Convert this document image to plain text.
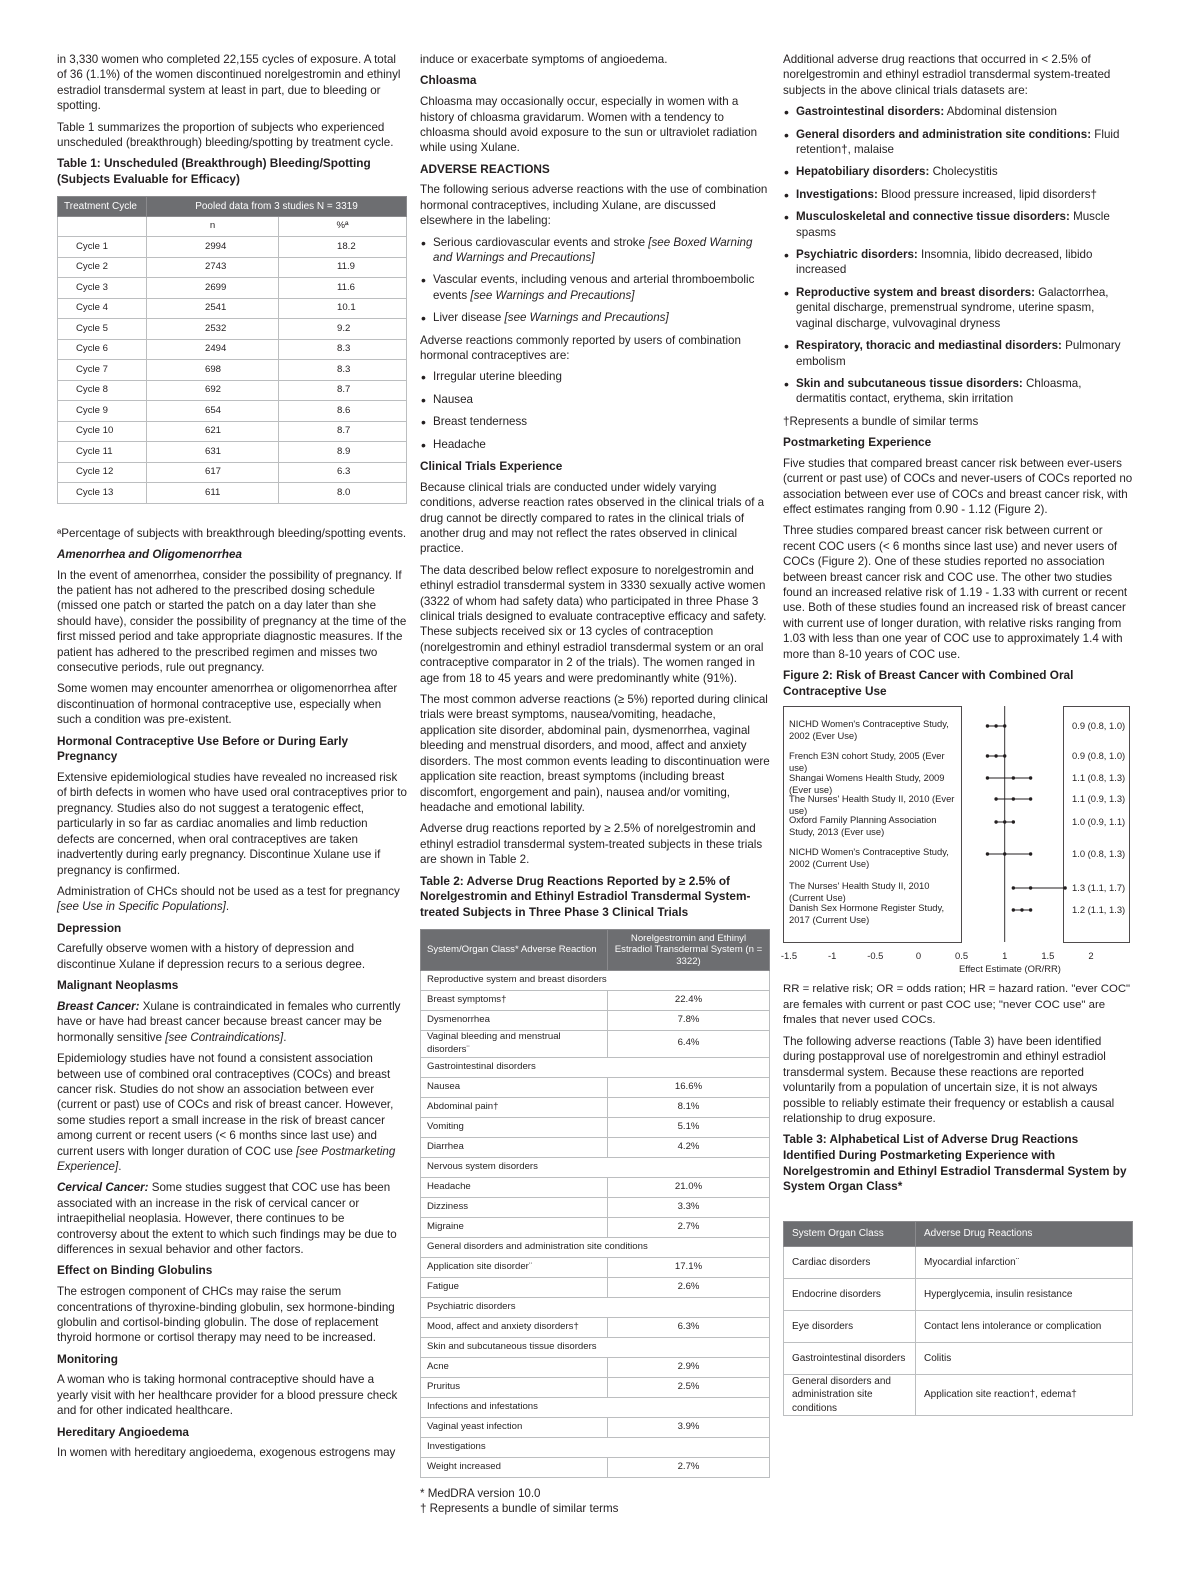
in 3,330 women who completed 22,155 cycles of exposure. A total of 36 (1.1%) of the women discontinued norelgestromin and ethinyl estradiol transdermal system at least in part, due to bleeding or spotting.

Table 1 summarizes the proportion of subjects who experienced unscheduled (breakthrough) bleeding/spotting by treatment cycle.

Table 1: Unscheduled (Breakthrough) Bleeding/Spotting (Subjects Evaluable for Efficacy)
Treatment Cycle	Pooled data from 3 studies N = 3319	
	n	%ª
Cycle 1	2994	18.2
Cycle 2	2743	11.9
Cycle 3	2699	11.6
Cycle 4	2541	10.1
Cycle 5	2532	9.2
Cycle 6	2494	8.3
Cycle 7	698	8.3
Cycle 8	692	8.7
Cycle 9	654	8.6
Cycle 10	621	8.7
Cycle 11	631	8.9
Cycle 12	617	6.3
Cycle 13	611	8.0

ªPercentage of subjects with breakthrough bleeding/spotting events.

Amenorrhea and Oligomenorrhea

In the event of amenorrhea, consider the possibility of pregnancy. If the patient has not adhered to the prescribed dosing schedule (missed one patch or started the patch on a day later than she should have), consider the possibility of pregnancy at the time of the first missed period and take appropriate diagnostic measures. If the patient has adhered to the prescribed regimen and misses two consecutive periods, rule out pregnancy.

Some women may encounter amenorrhea or oligomenorrhea after discontinuation of hormonal contraceptive use, especially when such a condition was pre-existent.

Hormonal Contraceptive Use Before or During Early Pregnancy

Extensive epidemiological studies have revealed no increased risk of birth defects in women who have used oral contraceptives prior to pregnancy. Studies also do not suggest a teratogenic effect, particularly in so far as cardiac anomalies and limb reduction defects are concerned, when oral contraceptives are taken inadvertently during early pregnancy. Discontinue Xulane use if pregnancy is confirmed.

Administration of CHCs should not be used as a test for pregnancy [see Use in Specific Populations].

Depression

Carefully observe women with a history of depression and discontinue Xulane if depression recurs to a serious degree.

Malignant Neoplasms

Breast Cancer: Xulane is contraindicated in females who currently have or have had breast cancer because breast cancer may be hormonally sensitive [see Contraindications].

Epidemiology studies have not found a consistent association between use of combined oral contraceptives (COCs) and breast cancer risk. Studies do not show an association between ever (current or past) use of COCs and risk of breast cancer. However, some studies report a small increase in the risk of breast cancer among current or recent users (< 6 months since last use) and current users with longer duration of COC use [see Postmarketing Experience].

Cervical Cancer: Some studies suggest that COC use has been associated with an increase in the risk of cervical cancer or intraepithelial neoplasia. However, there continues to be controversy about the extent to which such findings may be due to differences in sexual behavior and other factors.

Effect on Binding Globulins

The estrogen component of CHCs may raise the serum concentrations of thyroxine-binding globulin, sex hormone-binding globulin and cortisol-binding globulin. The dose of replacement thyroid hormone or cortisol therapy may need to be increased.

Monitoring

A woman who is taking hormonal contraceptive should have a yearly visit with her healthcare provider for a blood pressure check and for other indicated healthcare.

Hereditary Angioedema

In women with hereditary angioedema, exogenous estrogens may

induce or exacerbate symptoms of angioedema.

Chloasma

Chloasma may occasionally occur, especially in women with a history of chloasma gravidarum. Women with a tendency to chloasma should avoid exposure to the sun or ultraviolet radiation while using Xulane.

ADVERSE REACTIONS

The following serious adverse reactions with the use of combination hormonal contraceptives, including Xulane, are discussed elsewhere in the labeling:

• Serious cardiovascular events and stroke [see Boxed Warning and Warnings and Precautions]
• Vascular events, including venous and arterial thromboembolic events [see Warnings and Precautions]
• Liver disease [see Warnings and Precautions]

Adverse reactions commonly reported by users of combination hormonal contraceptives are:

• Irregular uterine bleeding
• Nausea
• Breast tenderness
• Headache
Clinical Trials Experience

Because clinical trials are conducted under widely varying conditions, adverse reaction rates observed in the clinical trials of a drug cannot be directly compared to rates in the clinical trials of another drug and may not reflect the rates observed in clinical practice.

The data described below reflect exposure to norelgestromin and ethinyl estradiol transdermal system in 3330 sexually active women (3322 of whom had safety data) who participated in three Phase 3 clinical trials designed to evaluate contraceptive efficacy and safety. These subjects received six or 13 cycles of contraception (norelgestromin and ethinyl estradiol transdermal system or an oral contraceptive comparator in 2 of the trials). The women ranged in age from 18 to 45 years and were predominantly white (91%).

The most common adverse reactions (≥ 5%) reported during clinical trials were breast symptoms, nausea/vomiting, headache, application site disorder, abdominal pain, dysmenorrhea, vaginal bleeding and menstrual disorders, and mood, affect and anxiety disorders. The most common events leading to discontinuation were application site reaction, breast symptoms (including breast discomfort, engorgement and pain), nausea and/or vomiting, headache and emotional lability.

Adverse drug reactions reported by ≥ 2.5% of norelgestromin and ethinyl estradiol transdermal system-treated subjects in these trials are shown in Table 2.

Table 2: Adverse Drug Reactions Reported by ≥ 2.5% of Norelgestromin and Ethinyl Estradiol Transdermal System-treated Subjects in Three Phase 3 Clinical Trials
System/Organ Class* Adverse Reaction	Norelgestromin and Ethinyl Estradiol Transdermal System (n = 3322)
Reproductive system and breast disorders	
Breast symptoms†	22.4%
Dysmenorrhea	7.8%
Vaginal bleeding and menstrual disorders¨	6.4%
Gastrointestinal disorders	
Nausea	16.6%
Abdominal pain†	8.1%
Vomiting	5.1%
Diarrhea	4.2%
Nervous system disorders	
Headache	21.0%
Dizziness	3.3%
Migraine	2.7%
General disorders and administration site conditions	
Application site disorder¨	17.1%
Fatigue	2.6%
Psychiatric disorders	
Mood, affect and anxiety disorders†	6.3%
Skin and subcutaneous tissue disorders	
Acne	2.9%
Pruritus	2.5%
Infections and infestations	
Vaginal yeast infection	3.9%
Investigations	
Weight increased	2.7%

* MedDRA version 10.0

† Represents a bundle of similar terms

Additional adverse drug reactions that occurred in < 2.5% of norelgestromin and ethinyl estradiol transdermal system-treated subjects in the above clinical trials datasets are:

• Gastrointestinal disorders: Abdominal distension
• General disorders and administration site conditions: Fluid retention†, malaise
• Hepatobiliary disorders: Cholecystitis
• Investigations: Blood pressure increased, lipid disorders†
• Musculoskeletal and connective tissue disorders: Muscle spasms
• Psychiatric disorders: Insomnia, libido decreased, libido increased
• Reproductive system and breast disorders: Galactorrhea, genital discharge, premenstrual syndrome, uterine spasm, vaginal discharge, vulvovaginal dryness
• Respiratory, thoracic and mediastinal disorders: Pulmonary embolism
• Skin and subcutaneous tissue disorders: Chloasma, dermatitis contact, erythema, skin irritation

†Represents a bundle of similar terms

Postmarketing Experience

Five studies that compared breast cancer risk between ever-users (current or past use) of COCs and never-users of COCs reported no association between ever use of COCs and breast cancer risk, with effect estimates ranging from 0.90 - 1.12 (Figure 2).

Three studies compared breast cancer risk between current or recent COC users (< 6 months since last use) and never users of COCs (Figure 2). One of these studies reported no association between breast cancer risk and COC use. The other two studies found an increased relative risk of 1.19 - 1.33 with current or recent use. Both of these studies found an increased risk of breast cancer with current use of longer duration, with relative risks ranging from 1.03 with less than one year of COC use to approximately 1.4 with more than 8-10 years of COC use.

Figure 2: Risk of Breast Cancer with Combined Oral Contraceptive Use
NICHD Women's Contraceptive Study, 2002 (Ever Use)
0.9 (0.8, 1.0)
French E3N cohort Study, 2005 (Ever use)
0.9 (0.8, 1.0)
Shangai Womens Health Study, 2009 (Ever use)
1.1 (0.8, 1.3)
The Nurses' Health Study II, 2010 (Ever use)
1.1 (0.9, 1.3)
Oxford Family Planning Association Study, 2013 (Ever use)
1.0 (0.9, 1.1)
NICHD Women's Contraceptive Study, 2002 (Current Use)
1.0 (0.8, 1.3)
The Nurses' Health Study II, 2010 (Current Use)
1.3 (1.1, 1.7)
Danish Sex Hormone Register Study, 2017 (Current Use)
1.2 (1.1, 1.3)
-1.5	-1	-0.5	0	0.5	1	1.5	2
Effect Estimate (OR/RR)

RR = relative risk; OR = odds ration; HR = hazard ration. "ever COC" are females with current or past COC use; "never COC use" are fmales that never used COCs.

The following adverse reactions (Table 3) have been identified during postapproval use of norelgestromin and ethinyl estradiol transdermal system. Because these reactions are reported voluntarily from a population of uncertain size, it is not always possible to reliably estimate their frequency or establish a causal relationship to drug exposure.

Table 3: Alphabetical List of Adverse Drug Reactions Identified During Postmarketing Experience with Norelgestromin and Ethinyl Estradiol Transdermal System by System Organ Class*
System Organ Class	Adverse Drug Reactions
Cardiac disorders	Myocardial infarction¨
Endocrine disorders	Hyperglycemia, insulin resistance
Eye disorders	Contact lens intolerance or complication
Gastrointestinal disorders	Colitis
General disorders and administration site conditions	Application site reaction†, edema†
